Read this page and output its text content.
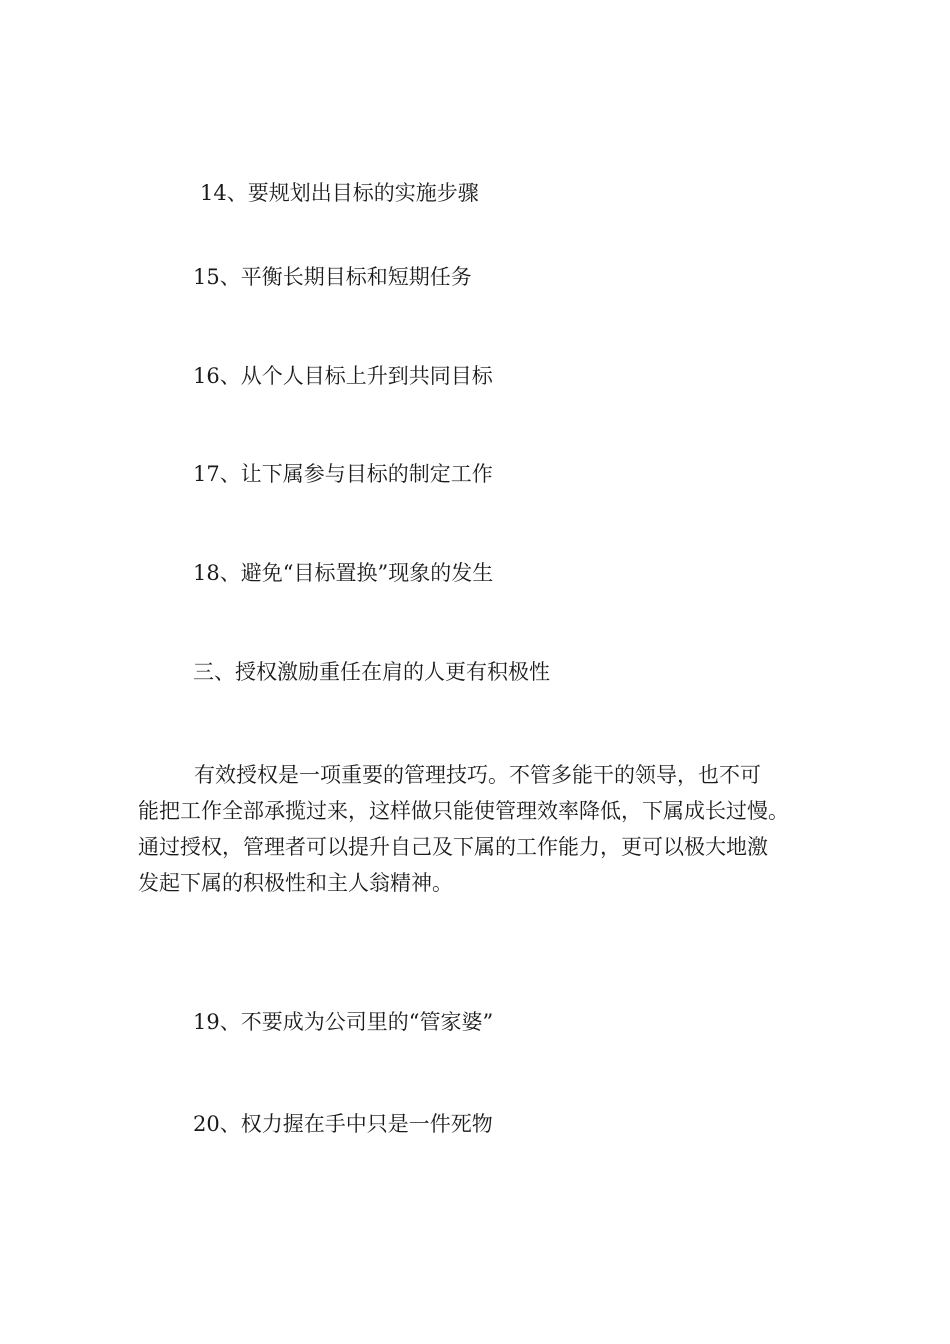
14、要规划出目标的实施步骤

15、平衡长期目标和短期任务

16、从个人目标上升到共同目标

17、让下属参与目标的制定工作

18、避免“目标置换”现象的发生

三、授权激励重任在肩的人更有积极性

有效授权是一项重要的管理技巧。不管多能干的领导，也不可
能把工作全部承揽过来，这样做只能使管理效率降低，下属成长过慢。
通过授权，管理者可以提升自己及下属的工作能力，更可以极大地激
发起下属的积极性和主人翁精神。

19、不要成为公司里的“管家婆”

20、权力握在手中只是一件死物
